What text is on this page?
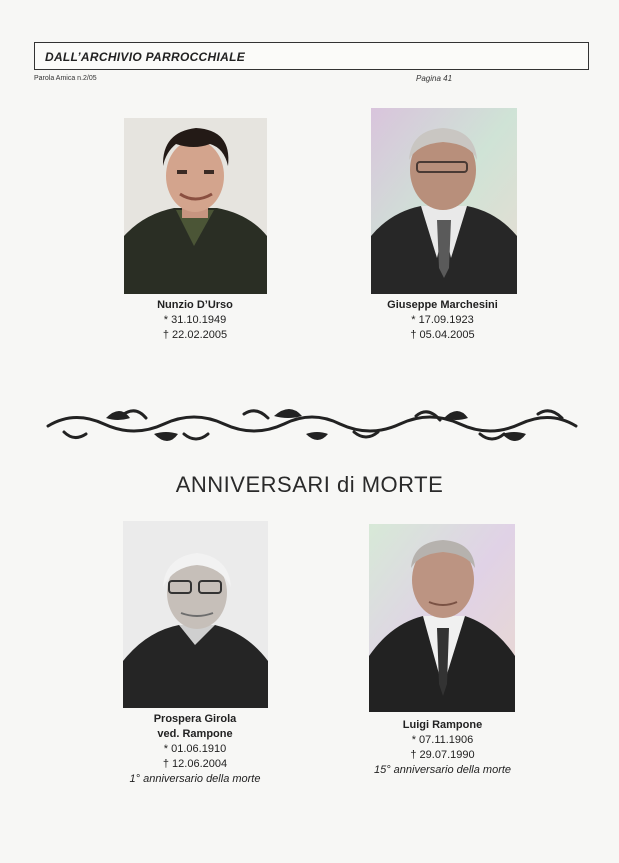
DALL’ARCHIVIO PARROCCHIALE
Parola Amica n.2/05	Pagina 41
Nunzio D’Urso
* 31.10.1949
† 22.02.2005
Giuseppe Marchesini
* 17.09.1923
† 05.04.2005
ANNIVERSARI di MORTE
Prospera Girola
ved. Rampone
* 01.06.1910
† 12.06.2004
1° anniversario della morte
Luigi Rampone
* 07.11.1906
† 29.07.1990
15° anniversario della morte
